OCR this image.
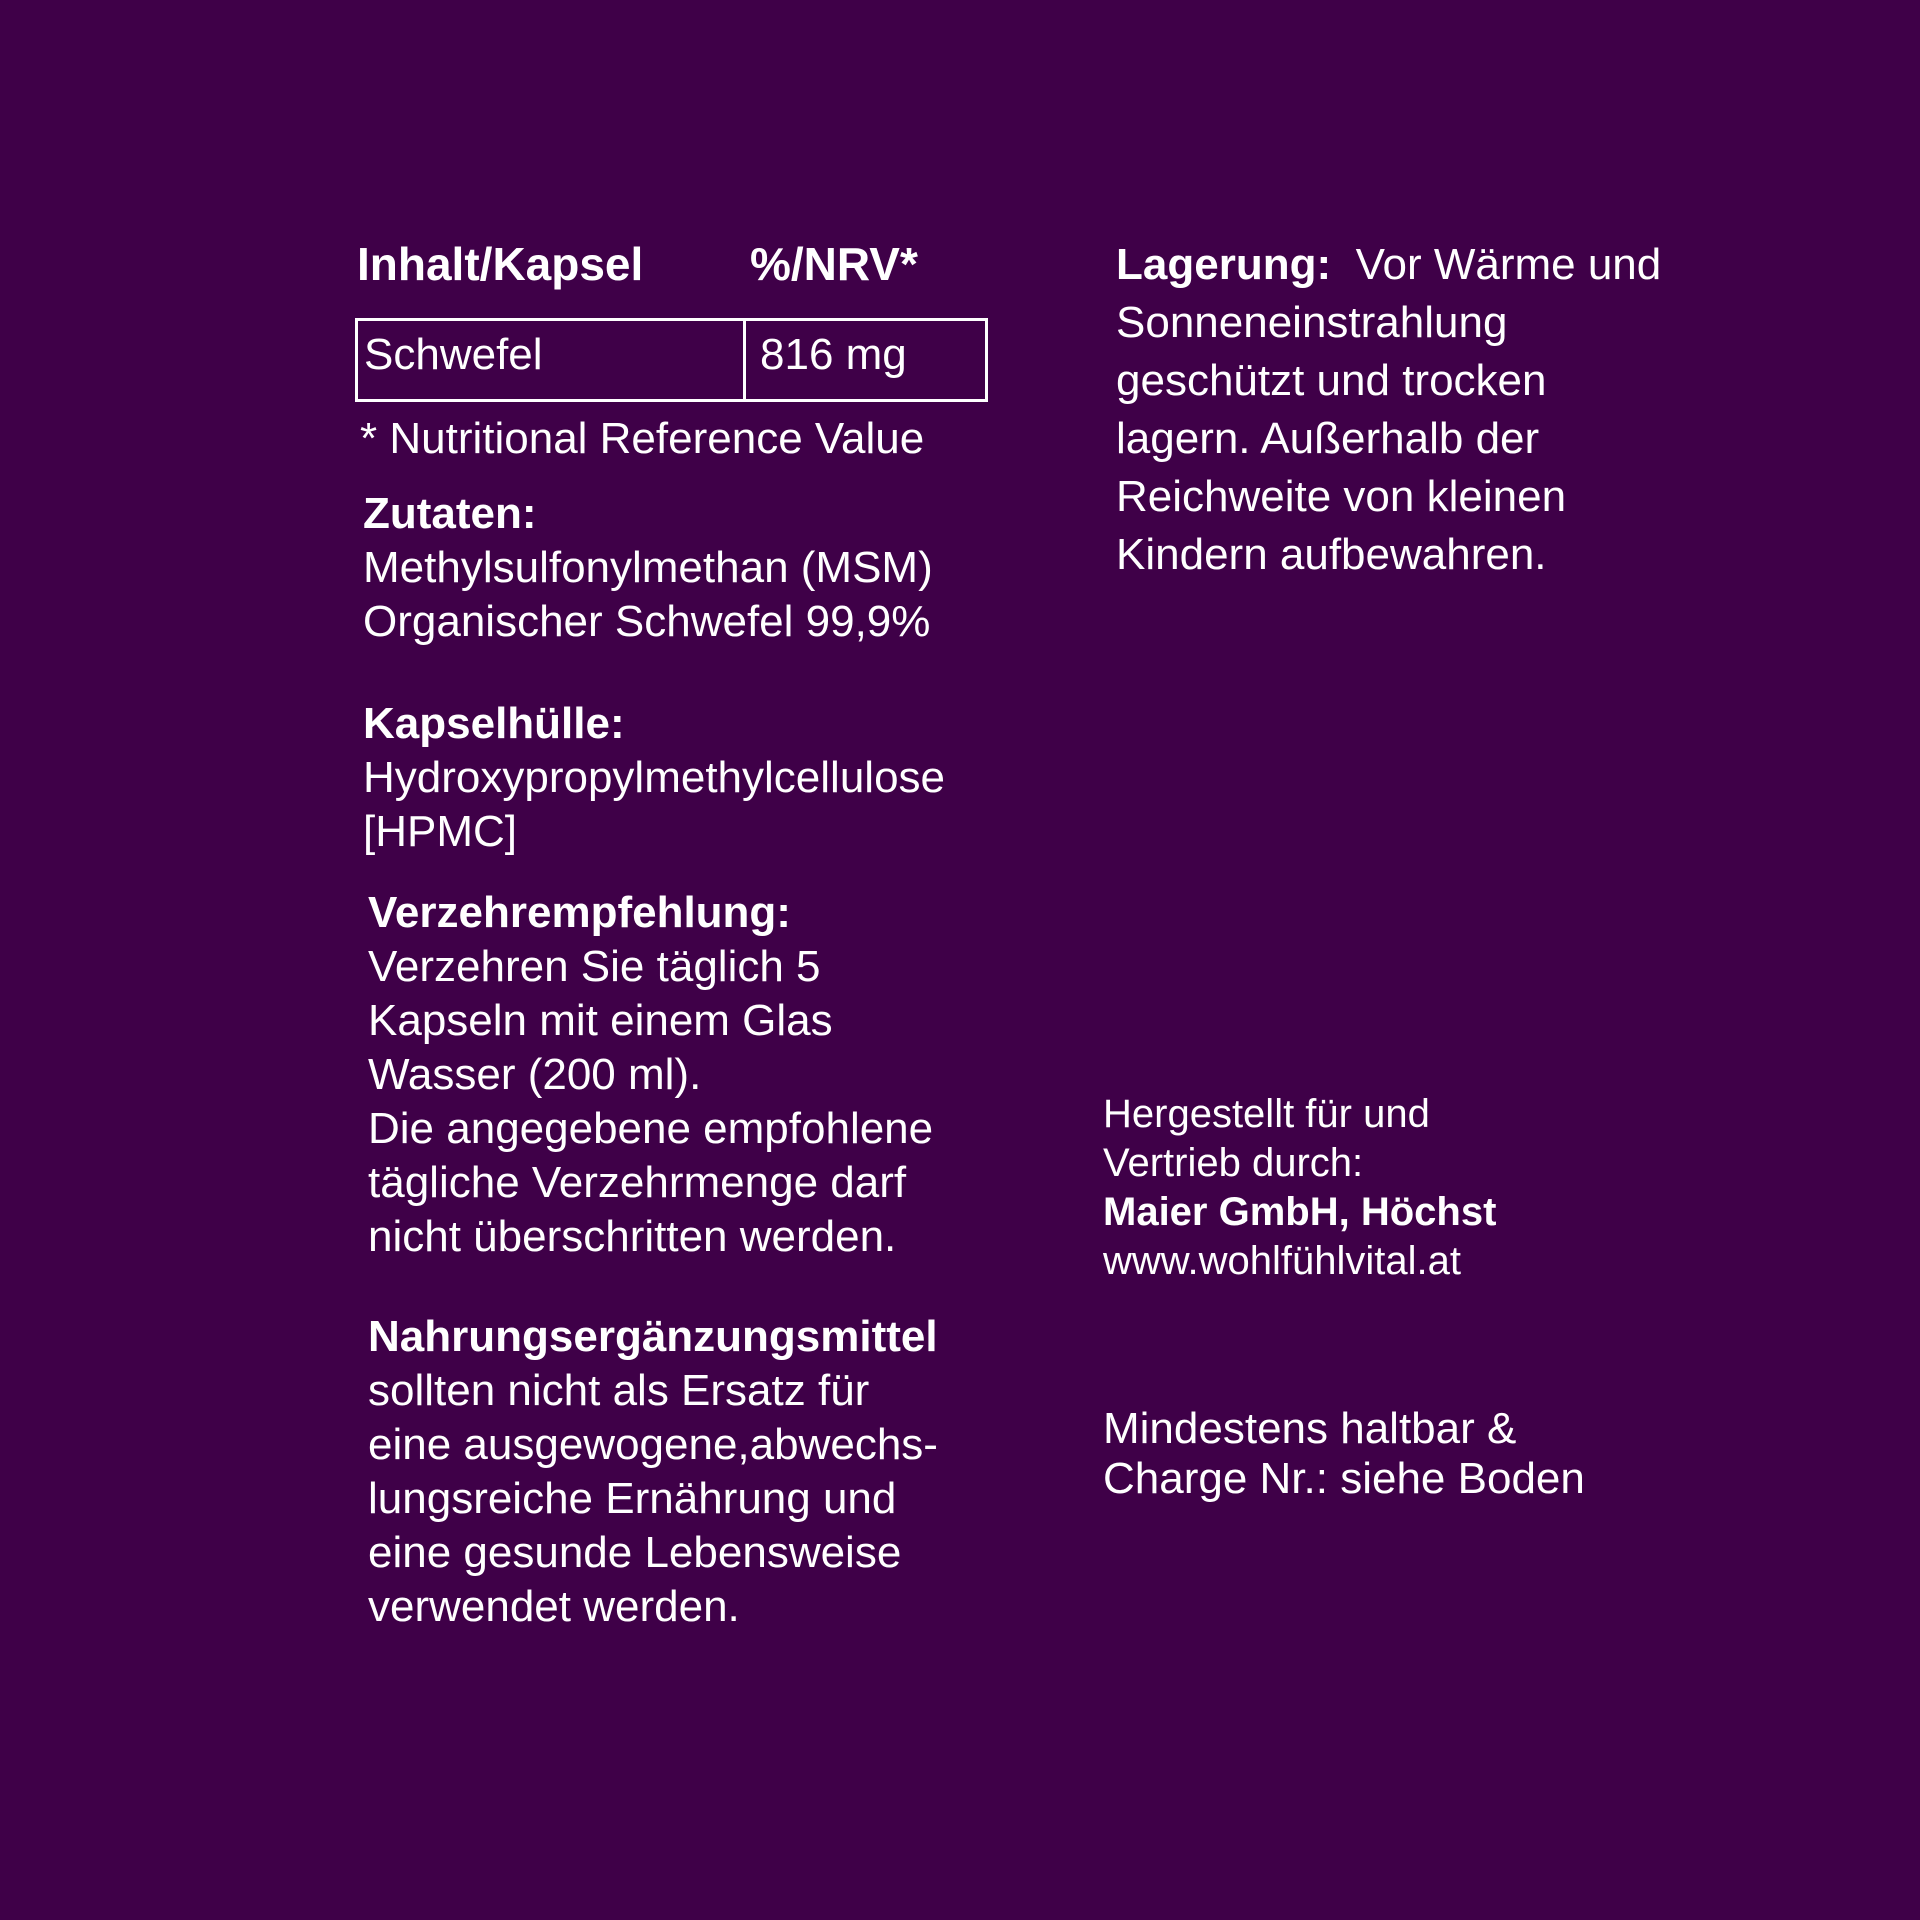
Inhalt/Kapsel %/NRV*
Schwefel	816 mg
* Nutritional Reference Value
Zutaten:
Methylsulfonylmethan (MSM)
Organischer Schwefel 99,9%
Kapselhülle:
Hydroxypropylmethylcellulose
[HPMC]
Verzehrempfehlung:
Verzehren Sie täglich 5
Kapseln mit einem Glas
Wasser (200 ml).
Die angegebene empfohlene
tägliche Verzehrmenge darf
nicht überschritten werden.
Nahrungsergänzungsmittel
sollten nicht als Ersatz für
eine ausgewogene,abwechs-
lungsreiche Ernährung und
eine gesunde Lebensweise
verwendet werden.
Lagerung: Vor Wärme und
Sonneneinstrahlung
geschützt und trocken
lagern. Außerhalb der
Reichweite von kleinen
Kindern aufbewahren.
Hergestellt für und
Vertrieb durch:
Maier GmbH, Höchst
www.wohlfühlvital.at
Mindestens haltbar &
Charge Nr.: siehe Boden
